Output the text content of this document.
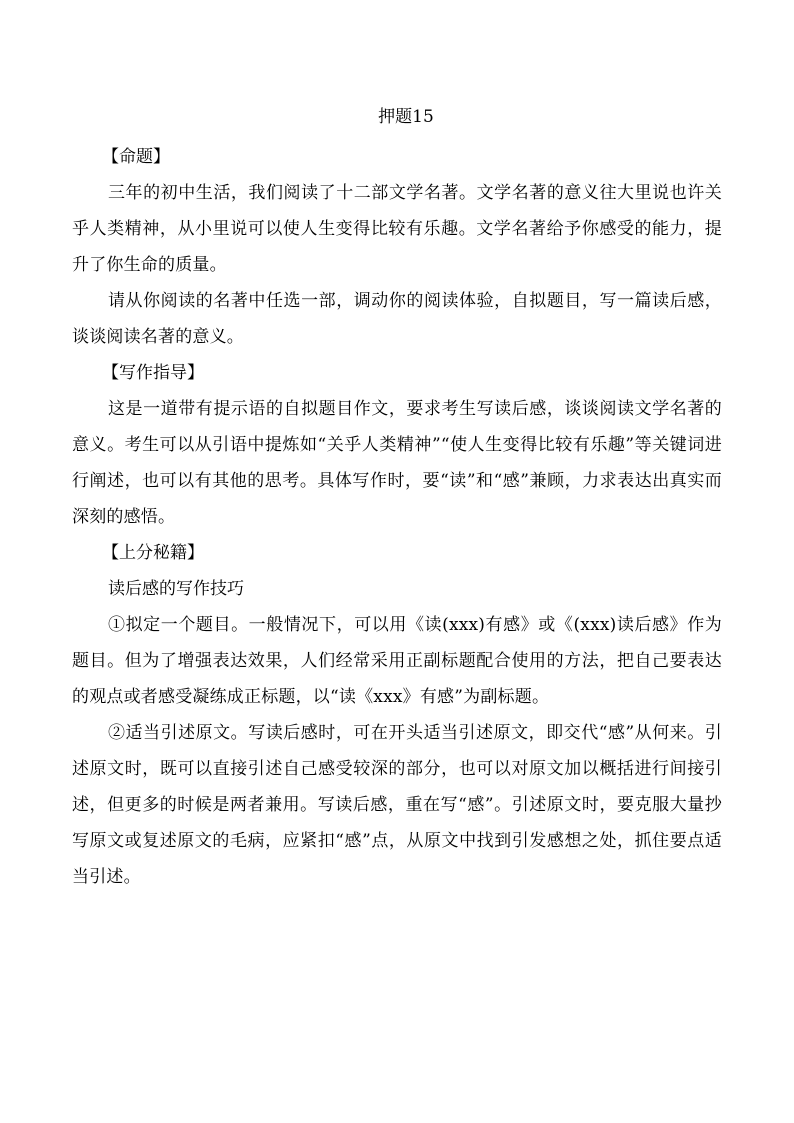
押题15
【命题】

三年的初中生活，我们阅读了十二部文学名著。文学名著的意义往大里说也许关乎人类精神，从小里说可以使人生变得比较有乐趣。文学名著给予你感受的能力，提升了你生命的质量。

请从你阅读的名著中任选一部，调动你的阅读体验，自拟题目，写一篇读后感，谈谈阅读名著的意义。

【写作指导】

这是一道带有提示语的自拟题目作文，要求考生写读后感，谈谈阅读文学名著的意义。考生可以从引语中提炼如“关乎人类精神”“使人生变得比较有乐趣”等关键词进行阐述，也可以有其他的思考。具体写作时，要“读”和“感”兼顾，力求表达出真实而深刻的感悟。

【上分秘籍】
读后感的写作技巧

①拟定一个题目。一般情况下，可以用《读(xxx)有感》或《(xxx)读后感》作为题目。但为了增强表达效果，人们经常采用正副标题配合使用的方法，把自己要表达的观点或者感受凝练成正标题，以“读《xxx》有感”为副标题。

②适当引述原文。写读后感时，可在开头适当引述原文，即交代“感”从何来。引述原文时，既可以直接引述自己感受较深的部分，也可以对原文加以概括进行间接引述，但更多的时候是两者兼用。写读后感，重在写“感”。引述原文时，要克服大量抄写原文或复述原文的毛病，应紧扣“感”点，从原文中找到引发感想之处，抓住要点适当引述。
